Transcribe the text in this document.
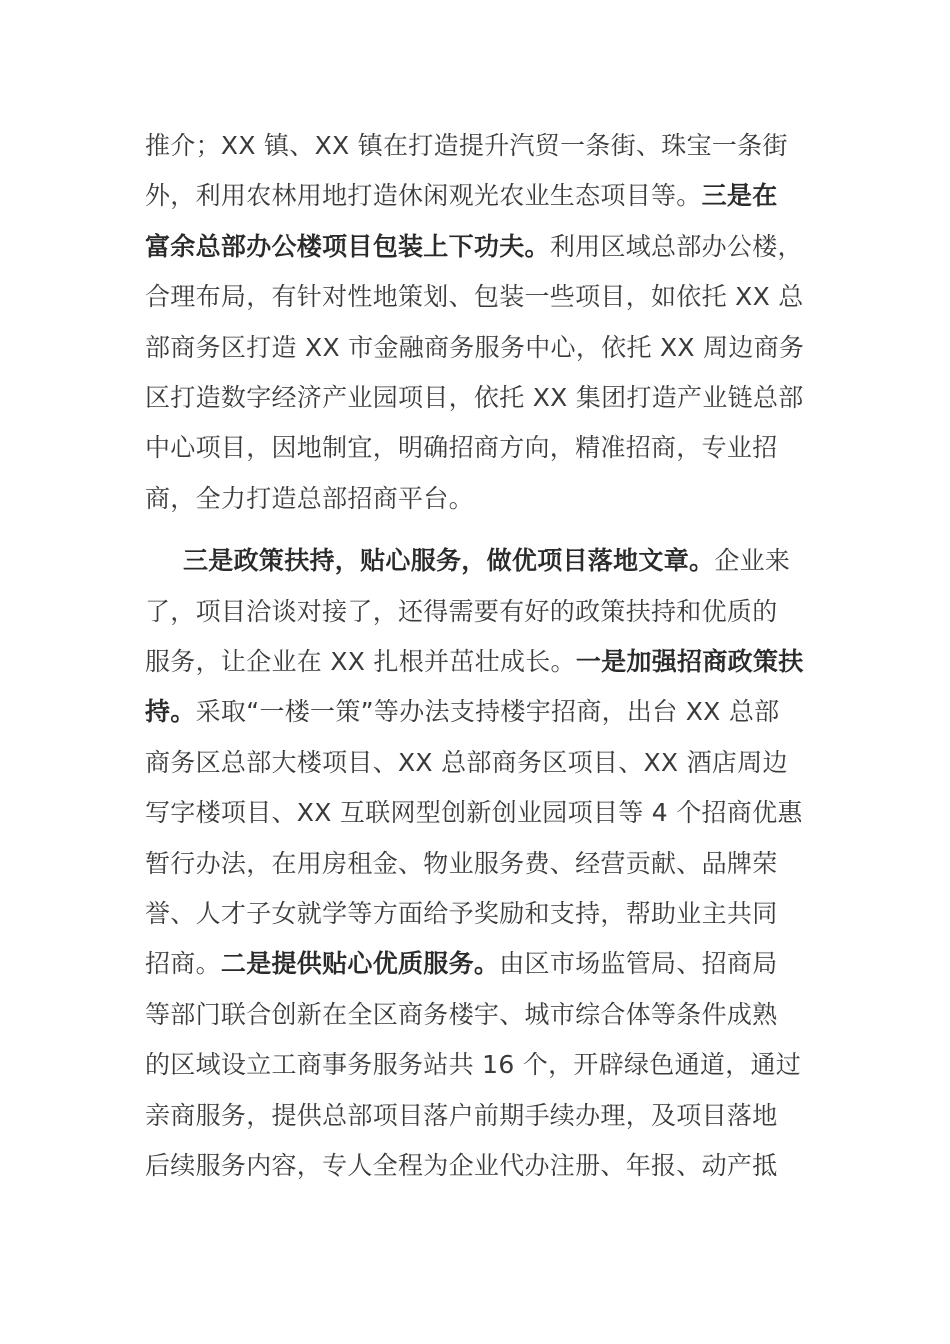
推介；XX 镇、XX 镇在打造提升汽贸一条街、珠宝一条街
外，利用农林用地打造休闲观光农业生态项目等。三是在
富余总部办公楼项目包装上下功夫。利用区域总部办公楼，
合理布局，有针对性地策划、包装一些项目，如依托 XX 总
部商务区打造 XX 市金融商务服务中心，依托 XX 周边商务
区打造数字经济产业园项目，依托 XX 集团打造产业链总部
中心项目，因地制宜，明确招商方向，精准招商，专业招
商，全力打造总部招商平台。
三是政策扶持，贴心服务，做优项目落地文章。企业来
了，项目洽谈对接了，还得需要有好的政策扶持和优质的
服务，让企业在 XX 扎根并茁壮成长。一是加强招商政策扶
持。采取“一楼一策”等办法支持楼宇招商，出台 XX 总部
商务区总部大楼项目、XX 总部商务区项目、XX 酒店周边
写字楼项目、XX 互联网型创新创业园项目等 4 个招商优惠
暂行办法，在用房租金、物业服务费、经营贡献、品牌荣
誉、人才子女就学等方面给予奖励和支持，帮助业主共同
招商。二是提供贴心优质服务。由区市场监管局、招商局
等部门联合创新在全区商务楼宇、城市综合体等条件成熟
的区域设立工商事务服务站共 16 个，开辟绿色通道，通过
亲商服务，提供总部项目落户前期手续办理，及项目落地
后续服务内容，专人全程为企业代办注册、年报、动产抵
